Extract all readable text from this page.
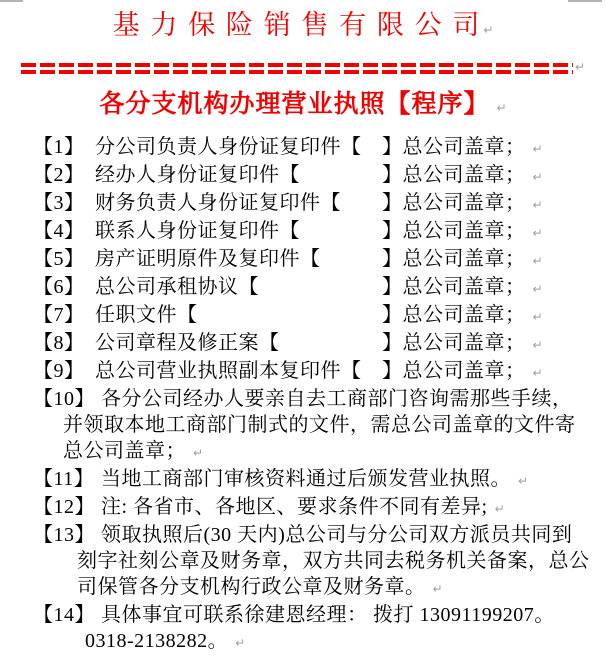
基 力 保 险 销 售 有 限 公 司 ↵
↵
各分支机构办理营业执照【程序】 ↵
【1】 分公司负责人身份证复印件【　】总公司盖章； ↵
【2】 经办人身份证复印件【　　　　】总公司盖章； ↵
【3】 财务负责人身份证复印件【　　】总公司盖章； ↵
【4】 联系人身份证复印件【　　　　】总公司盖章； ↵
【5】 房产证明原件及复印件【　　　】总公司盖章； ↵
【6】 总公司承租协议【　　　　　　】总公司盖章； ↵
【7】 任职文件【　　　　　　　　　】总公司盖章； ↵
【8】 公司章程及修正案【　　　　　】总公司盖章； ↵
【9】 总公司营业执照副本复印件【　】总公司盖章； ↵
【10】 各分公司经办人要亲自去工商部门咨询需那些手续，
并领取本地工商部门制式的文件，需总公司盖章的文件寄
总公司盖章； ↵
【11】 当地工商部门审核资料通过后颁发营业执照。 ↵
【12】 注: 各省市、各地区、要求条件不同有差异; ↵
【13】 领取执照后(30 天内)总公司与分公司双方派员共同到
刻字社刻公章及财务章，双方共同去税务机关备案，总公
司保管各分支机构行政公章及财务章。 ↵
【14】 具体事宜可联系徐建恩经理： 拨打 13091199207。
0318-2138282。 ↵
